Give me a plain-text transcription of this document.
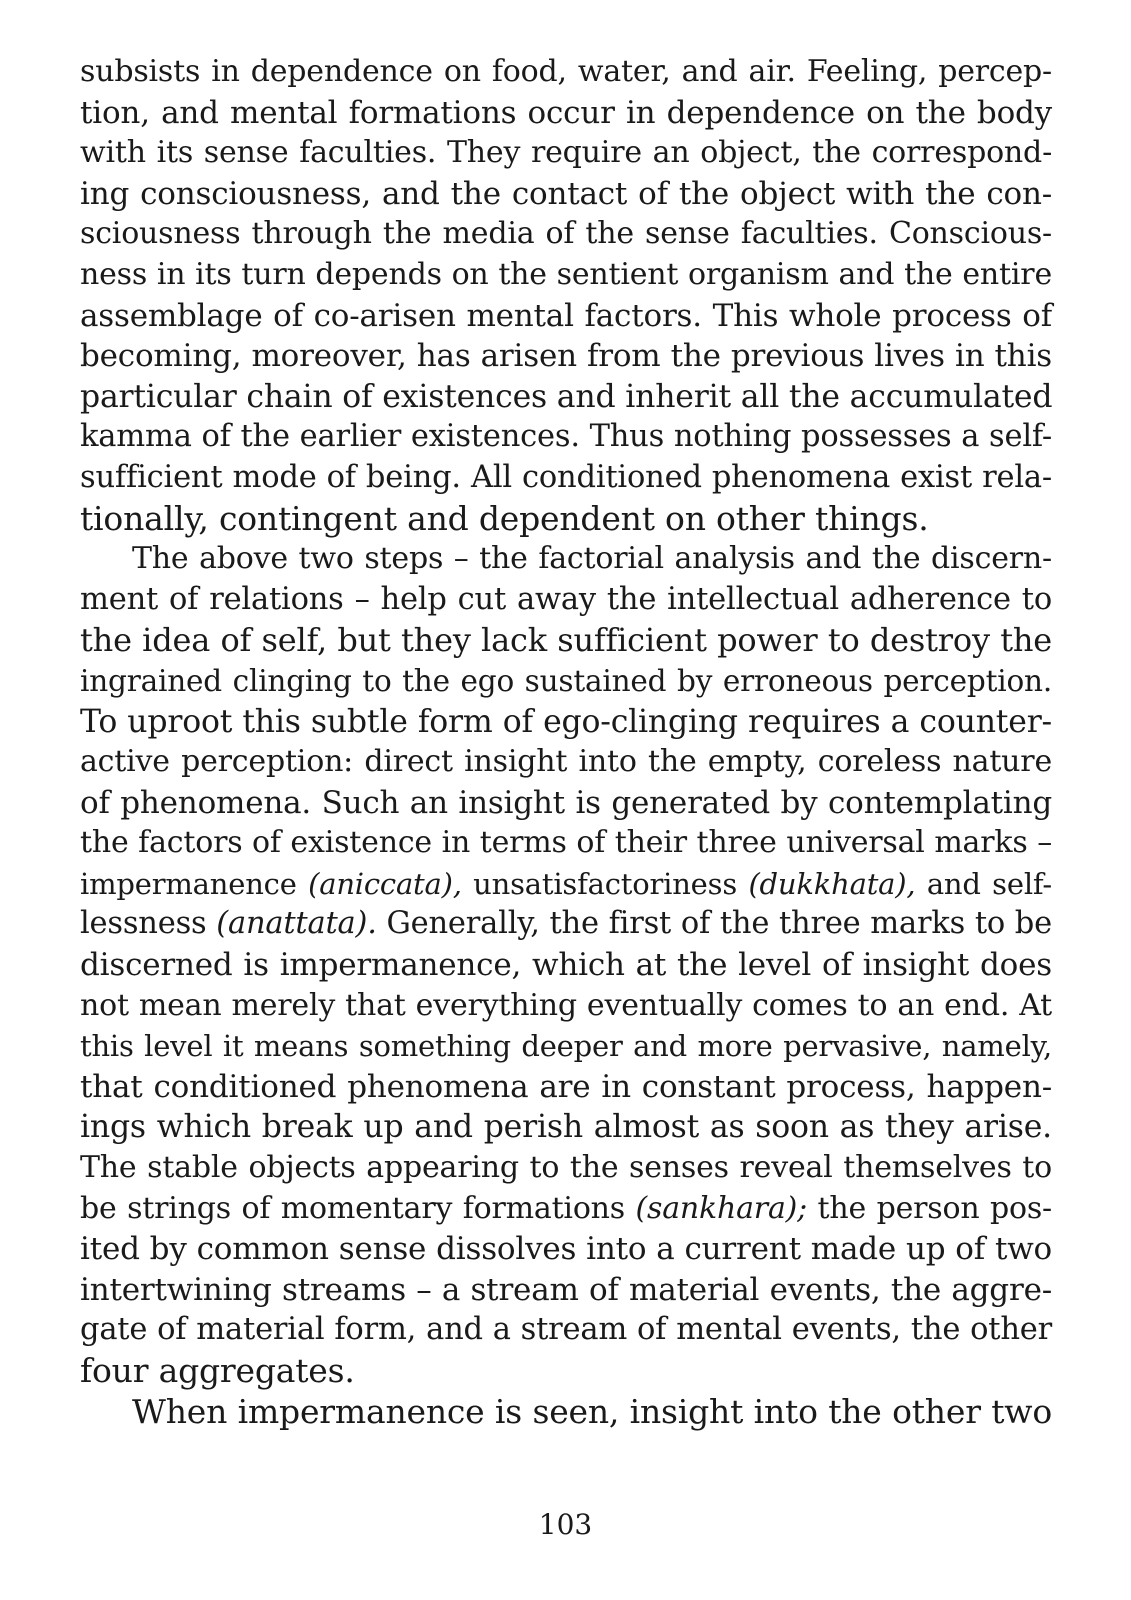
subsists in dependence on food, water, and air. Feeling, percep-
tion, and mental formations occur in dependence on the body
with its sense faculties. They require an object, the correspond-
ing consciousness, and the contact of the object with the con-
sciousness through the media of the sense faculties. Conscious-
ness in its turn depends on the sentient organism and the entire
assemblage of co-arisen mental factors. This whole process of
becoming, moreover, has arisen from the previous lives in this
particular chain of existences and inherit all the accumulated
kamma of the earlier existences. Thus nothing possesses a self-
sufficient mode of being. All conditioned phenomena exist rela-
tionally, contingent and dependent on other things.
The above two steps – the factorial analysis and the discern-
ment of relations – help cut away the intellectual adherence to
the idea of self, but they lack sufficient power to destroy the
ingrained clinging to the ego sustained by erroneous perception.
To uproot this subtle form of ego-clinging requires a counter-
active perception: direct insight into the empty, coreless nature
of phenomena. Such an insight is generated by contemplating
the factors of existence in terms of their three universal marks –
impermanence (aniccata), unsatisfactoriness (dukkhata), and self-
lessness (anattata). Generally, the first of the three marks to be
discerned is impermanence, which at the level of insight does
not mean merely that everything eventually comes to an end. At
this level it means something deeper and more pervasive, namely,
that conditioned phenomena are in constant process, happen-
ings which break up and perish almost as soon as they arise.
The stable objects appearing to the senses reveal themselves to
be strings of momentary formations (sankhara); the person pos-
ited by common sense dissolves into a current made up of two
intertwining streams – a stream of material events, the aggre-
gate of material form, and a stream of mental events, the other
four aggregates.
When impermanence is seen, insight into the other two
103
